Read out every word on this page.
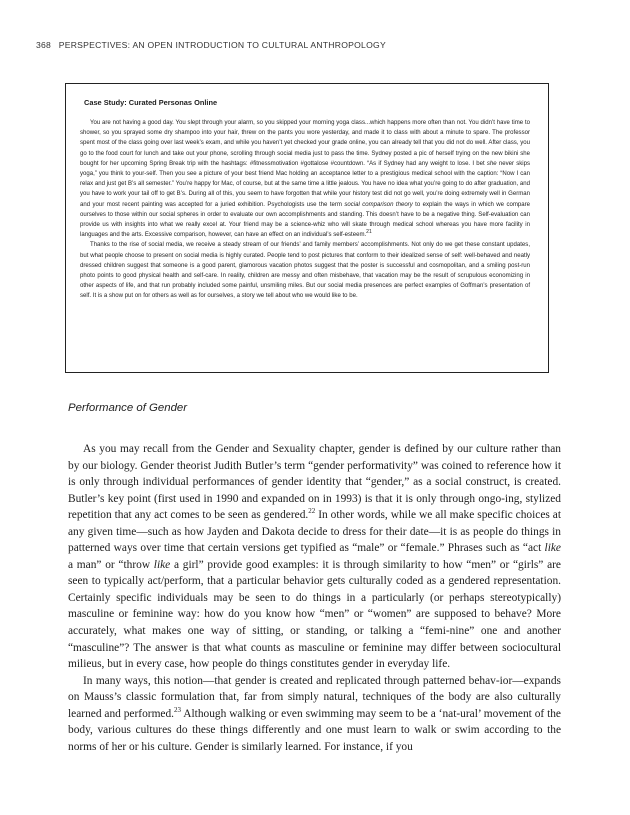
368 PERSPECTIVES: AN OPEN INTRODUCTION TO CULTURAL ANTHROPOLOGY
Case Study: Curated Personas Online

You are not having a good day. You slept through your alarm, so you skipped your morning yoga class...which happens more often than not. You didn’t have time to shower, so you sprayed some dry shampoo into your hair, threw on the pants you wore yesterday, and made it to class with about a minute to spare. The professor spent most of the class going over last week’s exam, and while you haven’t yet checked your grade online, you can already tell that you did not do well. After class, you go to the food court for lunch and take out your phone, scrolling through social media just to pass the time. Sydney posted a pic of herself trying on the new bikini she bought for her upcoming Spring Break trip with the hashtags: #fitnessmotivation #gottalose #countdown. “As if Sydney had any weight to lose. I bet she never skips yoga,” you think to your-self. Then you see a picture of your best friend Mac holding an acceptance letter to a prestigious medical school with the caption: “Now I can relax and just get B’s all semester.” You’re happy for Mac, of course, but at the same time a little jealous. You have no idea what you’re going to do after graduation, and you have to work your tail off to get B’s. During all of this, you seem to have forgotten that while your history test did not go well, you’re doing extremely well in German and your most recent painting was accepted for a juried exhibition. Psychologists use the term social comparison theory to explain the ways in which we compare ourselves to those within our social spheres in order to evaluate our own accomplishments and standing. This doesn’t have to be a negative thing. Self-evaluation can provide us with insights into what we really excel at. Your friend may be a science-whiz who will skate through medical school whereas you have more facility in languages and the arts. Excessive comparison, however, can have an effect on an individual’s self-esteem.$^{21}$

Thanks to the rise of social media, we receive a steady stream of our friends’ and family members’ accomplishments. Not only do we get these constant updates, but what people choose to present on social media is highly curated. People tend to post pictures that conform to their idealized sense of self: well-behaved and neatly dressed children suggest that someone is a good parent, glamorous vacation photos suggest that the poster is successful and cosmopolitan, and a smiling post-run photo points to good physical health and self-care. In reality, children are messy and often misbehave, that vacation may be the result of scrupulous economizing in other aspects of life, and that run probably included some painful, unsmiling miles. But our social media presences are perfect examples of Goffman’s presentation of self. It is a show put on for others as well as for ourselves, a story we tell about who we would like to be.

Performance of Gender

As you may recall from the Gender and Sexuality chapter, gender is defined by our culture rather than by our biology. Gender theorist Judith Butler’s term “gender performativity” was coined to reference how it is only through individual performances of gender identity that “gender,” as a social construct, is created. Butler’s key point (first used in 1990 and expanded on in 1993) is that it is only through ongo-ing, stylized repetition that any act comes to be seen as gendered.$^{22}$ In other words, while we all make specific choices at any given time—such as how Jayden and Dakota decide to dress for their date—it is as people do things in patterned ways over time that certain versions get typified as “male” or “female.” Phrases such as “act like a man” or “throw like a girl” provide good examples: it is through similarity to how “men” or “girls” are seen to typically act/perform, that a particular behavior gets culturally coded as a gendered representation. Certainly specific individuals may be seen to do things in a particularly (or perhaps stereotypically) masculine or feminine way: how do you know how “men” or “women” are supposed to behave? More accurately, what makes one way of sitting, or standing, or talking a “femi-nine” one and another “masculine”? The answer is that what counts as masculine or feminine may differ between sociocultural milieus, but in every case, how people do things constitutes gender in everyday life.

In many ways, this notion—that gender is created and replicated through patterned behav-ior—expands on Mauss’s classic formulation that, far from simply natural, techniques of the body are also culturally learned and performed.$^{23}$ Although walking or even swimming may seem to be a ‘nat-ural’ movement of the body, various cultures do these things differently and one must learn to walk or swim according to the norms of her or his culture. Gender is similarly learned. For instance, if you
